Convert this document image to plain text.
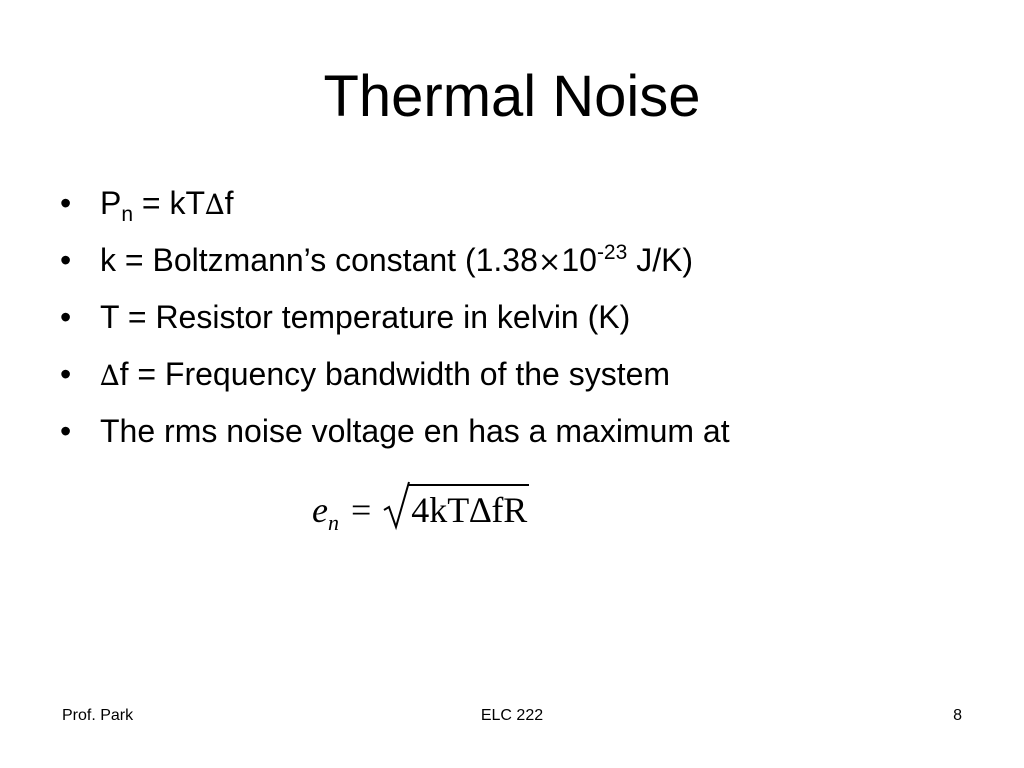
Thermal Noise
• $P_n = kT\Delta f$
• k = Boltzmann’s constant ($1.38\times 10^{-23}$ J/K)
• T = Resistor temperature in kelvin (K)
• ∆f = Frequency bandwidth of the system
• The rms noise voltage en has a maximum at
$e_n = 4kT\Delta fR$
Prof. Park	ELC 222	8
